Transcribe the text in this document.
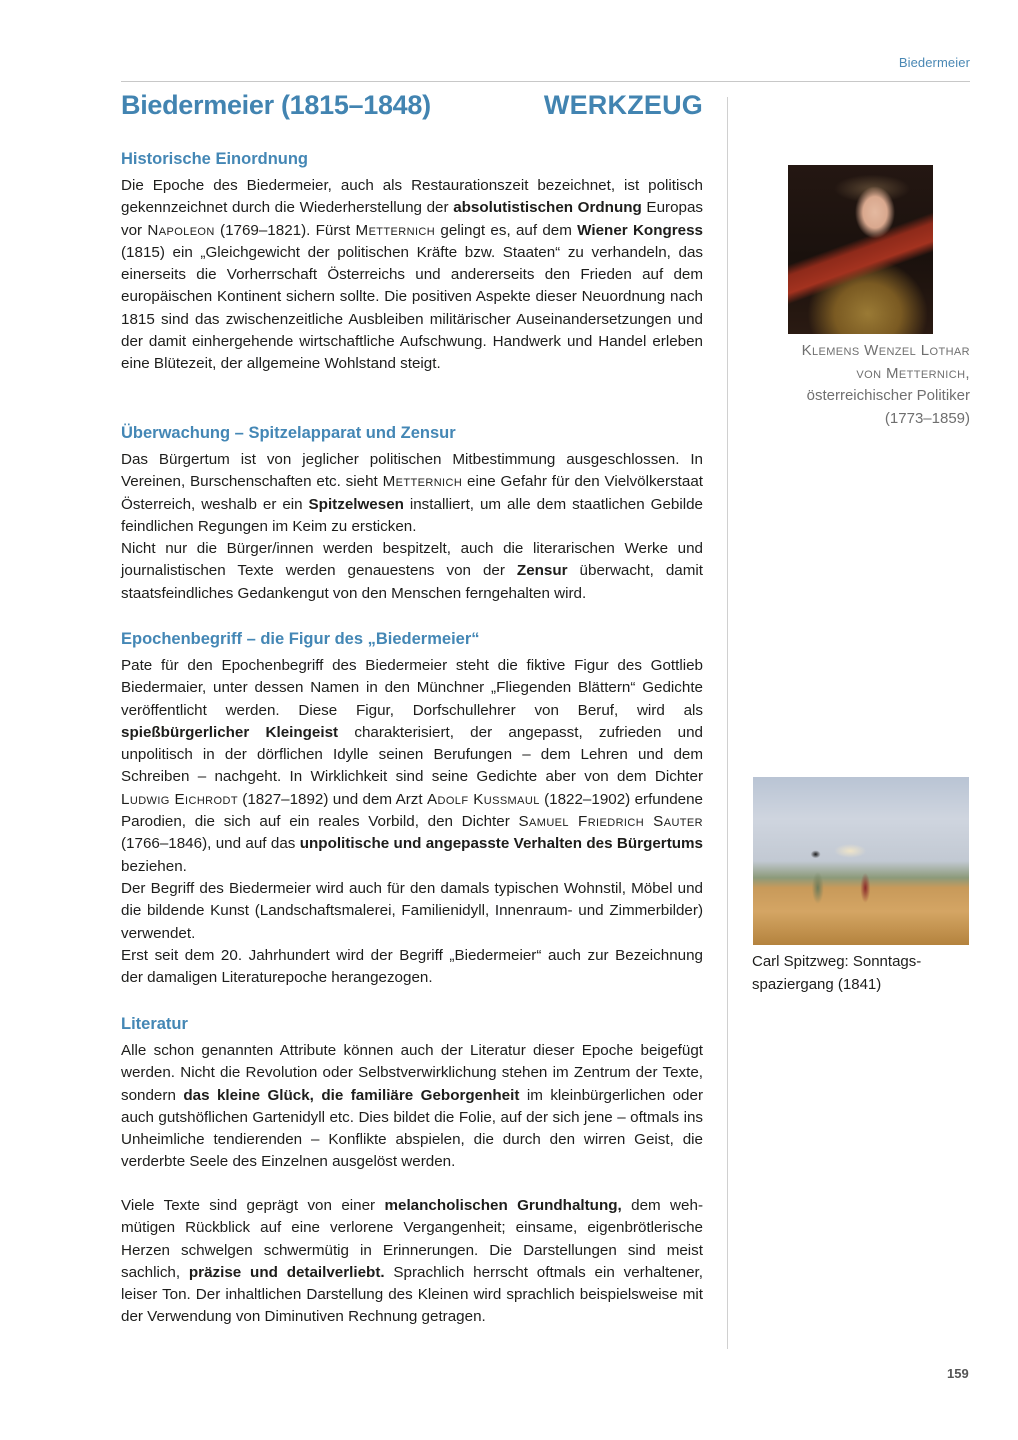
Biedermeier
Biedermeier (1815–1848)	WERKZEUG
Historische Einordnung

Die Epoche des Biedermeier, auch als Restaurationszeit bezeichnet, ist politisch gekennzeichnet durch die Wiederherstellung der absolutistischen Ordnung Europas vor Napoleon (1769–1821). Fürst Metternich gelingt es, auf dem Wiener Kongress (1815) ein „Gleichgewicht der politischen Kräfte bzw. Staaten“ zu verhandeln, das einerseits die Vorherrschaft Österreichs und andererseits den Frieden auf dem europäischen Kontinent sichern sollte. Die positiven Aspekte dieser Neuordnung nach 1815 sind das zwischenzeitliche Ausbleiben militärischer Auseinandersetzungen und der damit einhergehende wirtschaftliche Aufschwung. Handwerk und Handel erleben eine Blütezeit, der allgemeine Wohlstand steigt.

Überwachung – Spitzelapparat und Zensur

Das Bürgertum ist von jeglicher politischen Mitbestimmung ausgeschlossen. In Vereinen, Burschenschaften etc. sieht Metternich eine Gefahr für den Vielvölkerstaat Österreich, weshalb er ein Spitzelwesen installiert, um alle dem staatlichen Gebilde feindlichen Regungen im Keim zu ersticken.

Nicht nur die Bürger/innen werden bespitzelt, auch die literarischen Werke und journalistischen Texte werden genauestens von der Zensur überwacht, damit staatsfeindliches Gedankengut von den Menschen ferngehalten wird.

Epochenbegriff – die Figur des „Biedermeier“

Pate für den Epochenbegriff des Biedermeier steht die fiktive Figur des Gottlieb Biedermaier, unter dessen Namen in den Münchner „Fliegenden Blättern“ Gedichte veröffentlicht werden. Diese Figur, Dorfschullehrer von Beruf, wird als spießbürgerlicher Kleingeist charakterisiert, der angepasst, zufrieden und unpolitisch in der dörflichen Idylle seinen Berufungen – dem Lehren und dem Schreiben – nachgeht. In Wirklichkeit sind seine Gedichte aber von dem Dichter Ludwig Eichrodt (1827–1892) und dem Arzt Adolf Kussmaul (1822–1902) erfundene Parodien, die sich auf ein reales Vorbild, den Dichter Samuel Friedrich Sauter (1766–1846), und auf das unpolitische und angepasste Verhalten des Bürgertums beziehen.

Der Begriff des Biedermeier wird auch für den damals typischen Wohnstil, Möbel und die bildende Kunst (Landschaftsmalerei, Familienidyll, Innenraum- und Zimmerbilder) verwendet.

Erst seit dem 20. Jahrhundert wird der Begriff „Biedermeier“ auch zur Bezeichnung der damaligen Literaturepoche herangezogen.

Literatur

Alle schon genannten Attribute können auch der Literatur dieser Epoche beigefügt werden. Nicht die Revolution oder Selbstverwirklichung stehen im Zentrum der Texte, sondern das kleine Glück, die familiäre Geborgenheit im kleinbürgerlichen oder auch gutshöflichen Gartenidyll etc. Dies bildet die Folie, auf der sich jene – oftmals ins Unheimliche tendierenden – Konflikte abspielen, die durch den wirren Geist, die verderbte Seele des Einzelnen ausgelöst werden.

Viele Texte sind geprägt von einer melancholischen Grundhaltung, dem wehmütigen Rückblick auf eine verlorene Vergangenheit; einsame, eigenbrötlerische Herzen schwelgen schwermütig in Erinnerungen. Die Darstellungen sind meist sachlich, präzise und detailverliebt. Sprachlich herrscht oftmals ein verhaltener, leiser Ton. Der inhaltlichen Darstellung des Kleinen wird sprachlich beispielsweise mit der Verwendung von Diminutiven Rechnung getragen.

Klemens Wenzel Lothar
von Metternich,
österreichischer Politiker
(1773–1859)
Carl Spitzweg: Sonntags-
spaziergang (1841)
159
